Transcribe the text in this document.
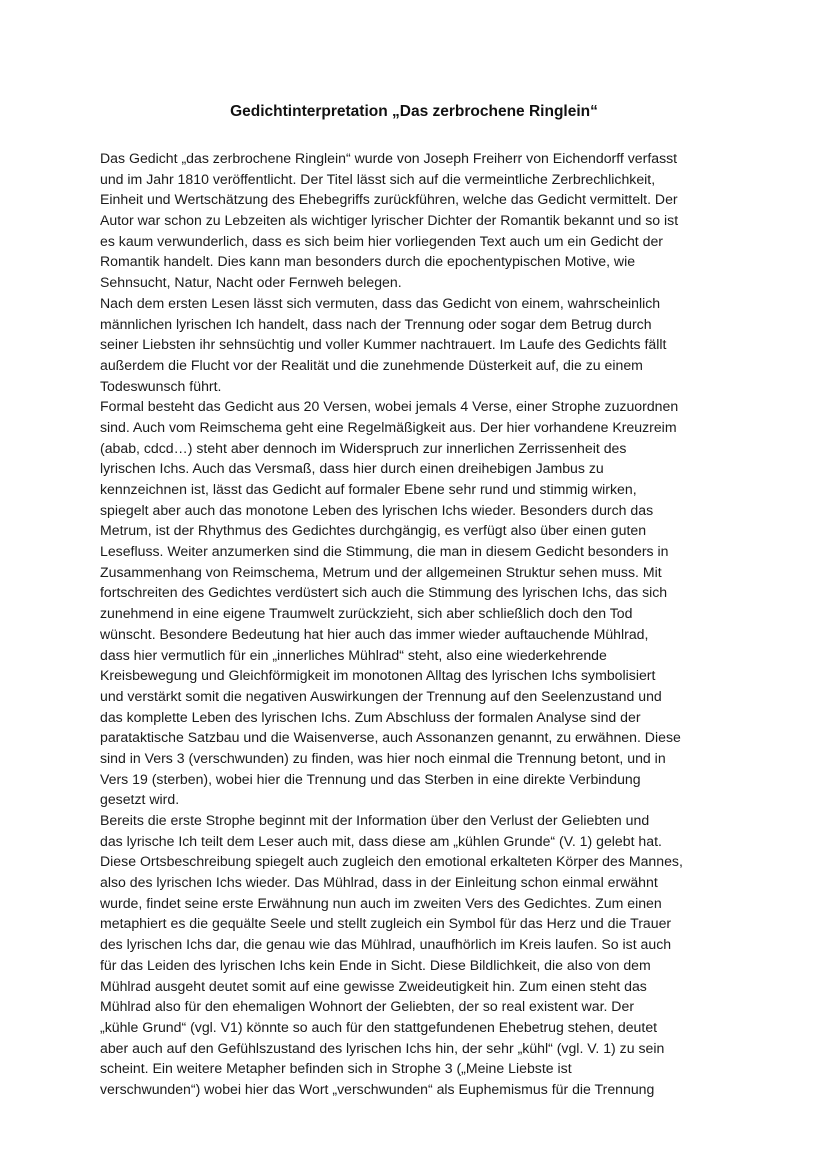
Gedichtinterpretation „Das zerbrochene Ringlein“
Das Gedicht „das zerbrochene Ringlein“ wurde von Joseph Freiherr von Eichendorff verfasst
und im Jahr 1810 veröffentlicht. Der Titel lässt sich auf die vermeintliche Zerbrechlichkeit,
Einheit und Wertschätzung des Ehebegriffs zurückführen, welche das Gedicht vermittelt. Der
Autor war schon zu Lebzeiten als wichtiger lyrischer Dichter der Romantik bekannt und so ist
es kaum verwunderlich, dass es sich beim hier vorliegenden Text auch um ein Gedicht der
Romantik handelt. Dies kann man besonders durch die epochentypischen Motive, wie
Sehnsucht, Natur, Nacht oder Fernweh belegen.
Nach dem ersten Lesen lässt sich vermuten, dass das Gedicht von einem, wahrscheinlich
männlichen lyrischen Ich handelt, dass nach der Trennung oder sogar dem Betrug durch
seiner Liebsten ihr sehnsüchtig und voller Kummer nachtrauert. Im Laufe des Gedichts fällt
außerdem die Flucht vor der Realität und die zunehmende Düsterkeit auf, die zu einem
Todeswunsch führt.
Formal besteht das Gedicht aus 20 Versen, wobei jemals 4 Verse, einer Strophe zuzuordnen
sind. Auch vom Reimschema geht eine Regelmäßigkeit aus. Der hier vorhandene Kreuzreim
(abab, cdcd…) steht aber dennoch im Widerspruch zur innerlichen Zerrissenheit des
lyrischen Ichs. Auch das Versmaß, dass hier durch einen dreihebigen Jambus zu
kennzeichnen ist, lässt das Gedicht auf formaler Ebene sehr rund und stimmig wirken,
spiegelt aber auch das monotone Leben des lyrischen Ichs wieder. Besonders durch das
Metrum, ist der Rhythmus des Gedichtes durchgängig, es verfügt also über einen guten
Lesefluss. Weiter anzumerken sind die Stimmung, die man in diesem Gedicht besonders in
Zusammenhang von Reimschema, Metrum und der allgemeinen Struktur sehen muss. Mit
fortschreiten des Gedichtes verdüstert sich auch die Stimmung des lyrischen Ichs, das sich
zunehmend in eine eigene Traumwelt zurückzieht, sich aber schließlich doch den Tod
wünscht. Besondere Bedeutung hat hier auch das immer wieder auftauchende Mühlrad,
dass hier vermutlich für ein „innerliches Mühlrad“ steht, also eine wiederkehrende
Kreisbewegung und Gleichförmigkeit im monotonen Alltag des lyrischen Ichs symbolisiert
und verstärkt somit die negativen Auswirkungen der Trennung auf den Seelenzustand und
das komplette Leben des lyrischen Ichs. Zum Abschluss der formalen Analyse sind der
parataktische Satzbau und die Waisenverse, auch Assonanzen genannt, zu erwähnen. Diese
sind in Vers 3 (verschwunden) zu finden, was hier noch einmal die Trennung betont, und in
Vers 19 (sterben), wobei hier die Trennung und das Sterben in eine direkte Verbindung
gesetzt wird.
Bereits die erste Strophe beginnt mit der Information über den Verlust der Geliebten und
das lyrische Ich teilt dem Leser auch mit, dass diese am „kühlen Grunde“ (V. 1) gelebt hat.
Diese Ortsbeschreibung spiegelt auch zugleich den emotional erkalteten Körper des Mannes,
also des lyrischen Ichs wieder. Das Mühlrad, dass in der Einleitung schon einmal erwähnt
wurde, findet seine erste Erwähnung nun auch im zweiten Vers des Gedichtes. Zum einen
metaphiert es die gequälte Seele und stellt zugleich ein Symbol für das Herz und die Trauer
des lyrischen Ichs dar, die genau wie das Mühlrad, unaufhörlich im Kreis laufen. So ist auch
für das Leiden des lyrischen Ichs kein Ende in Sicht. Diese Bildlichkeit, die also von dem
Mühlrad ausgeht deutet somit auf eine gewisse Zweideutigkeit hin. Zum einen steht das
Mühlrad also für den ehemaligen Wohnort der Geliebten, der so real existent war. Der
„kühle Grund“ (vgl. V1) könnte so auch für den stattgefundenen Ehebetrug stehen, deutet
aber auch auf den Gefühlszustand des lyrischen Ichs hin, der sehr „kühl“ (vgl. V. 1) zu sein
scheint. Ein weitere Metapher befinden sich in Strophe 3 („Meine Liebste ist
verschwunden“) wobei hier das Wort „verschwunden“ als Euphemismus für die Trennung
